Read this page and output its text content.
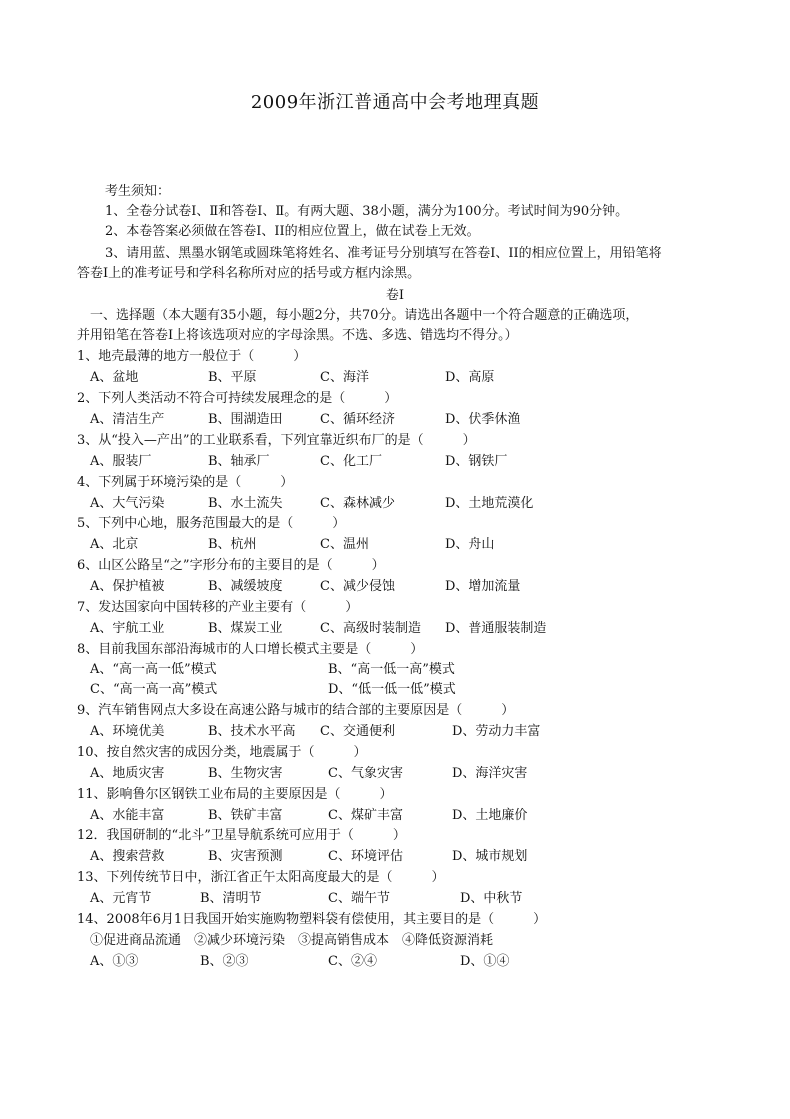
2009年浙江普通高中会考地理真题
考生须知：
1、全卷分试卷Ⅰ、Ⅱ和答卷Ⅰ、Ⅱ。有两大题、38小题，满分为100分。考试时间为90分钟。
2、本卷答案必须做在答卷Ⅰ、II的相应位置上，做在试卷上无效。
3、请用蓝、黑墨水钢笔或圆珠笔将姓名、准考证号分别填写在答卷Ⅰ、II的相应位置上，用铅笔将
答卷Ⅰ上的准考证号和学科名称所对应的括号或方框内涂黑。
卷Ⅰ
一、选择题（本大题有35小题，每小题2分，共70分。请选出各题中一个符合题意的正确选项，
并用铅笔在答卷Ⅰ上将该选项对应的字母涂黑。不选、多选、错选均不得分。）
1、地壳最薄的地方一般位于（　　　）
A、盆地	B、平原	C、海洋	D、高原
2、下列人类活动不符合可持续发展理念的是（　　　）
A、清洁生产	B、围湖造田	C、循环经济	D、伏季休渔
3、从“投入—产出”的工业联系看，下列宜靠近织布厂的是（　　　）
A、服装厂	B、轴承厂	C、化工厂	D、钢铁厂
4、下列属于环境污染的是（　　　）
A、大气污染	B、水土流失	C、森林减少	D、土地荒漠化
5、下列中心地，服务范围最大的是（　　　）
A、北京	B、杭州	C、温州	D、舟山
6、山区公路呈“之”字形分布的主要目的是（　　　）
A、保护植被	B、减缓坡度	C、减少侵蚀	D、增加流量
7、发达国家向中国转移的产业主要有（　　　）
A、宇航工业	B、煤炭工业	C、高级时装制造 D、普通服装制造
8、目前我国东部沿海城市的人口增长模式主要是（　　　）
A、“高一高一低”模式	B、“高一低一高”模式
C、“高一高一高”模式	D、“低一低一低”模式
9、汽车销售网点大多设在高速公路与城市的结合部的主要原因是（　　　）
A、环境优美	B、技术水平高 C、交通便利	D、劳动力丰富
10、按自然灾害的成因分类，地震属于（　　　）
A、地质灾害	B、生物灾害	C、气象灾害	D、海洋灾害
11、影响鲁尔区钢铁工业布局的主要原因是（　　　）
A、水能丰富	B、铁矿丰富	C、煤矿丰富	D、土地廉价
12．我国研制的“北斗”卫星导航系统可应用于（　　　）
A、搜索营救	B、灾害预测	C、环境评估	D、城市规划
13、下列传统节日中，浙江省正午太阳高度最大的是（　　　）
A、元宵节	B、清明节	C、端午节	D、中秋节
14、2008年6月1日我国开始实施购物塑料袋有偿使用，其主要目的是（　　　）
①促进商品流通　②减少环境污染　③提高销售成本　④降低资源消耗
A、①③	B、②③	C、②④	D、①④
